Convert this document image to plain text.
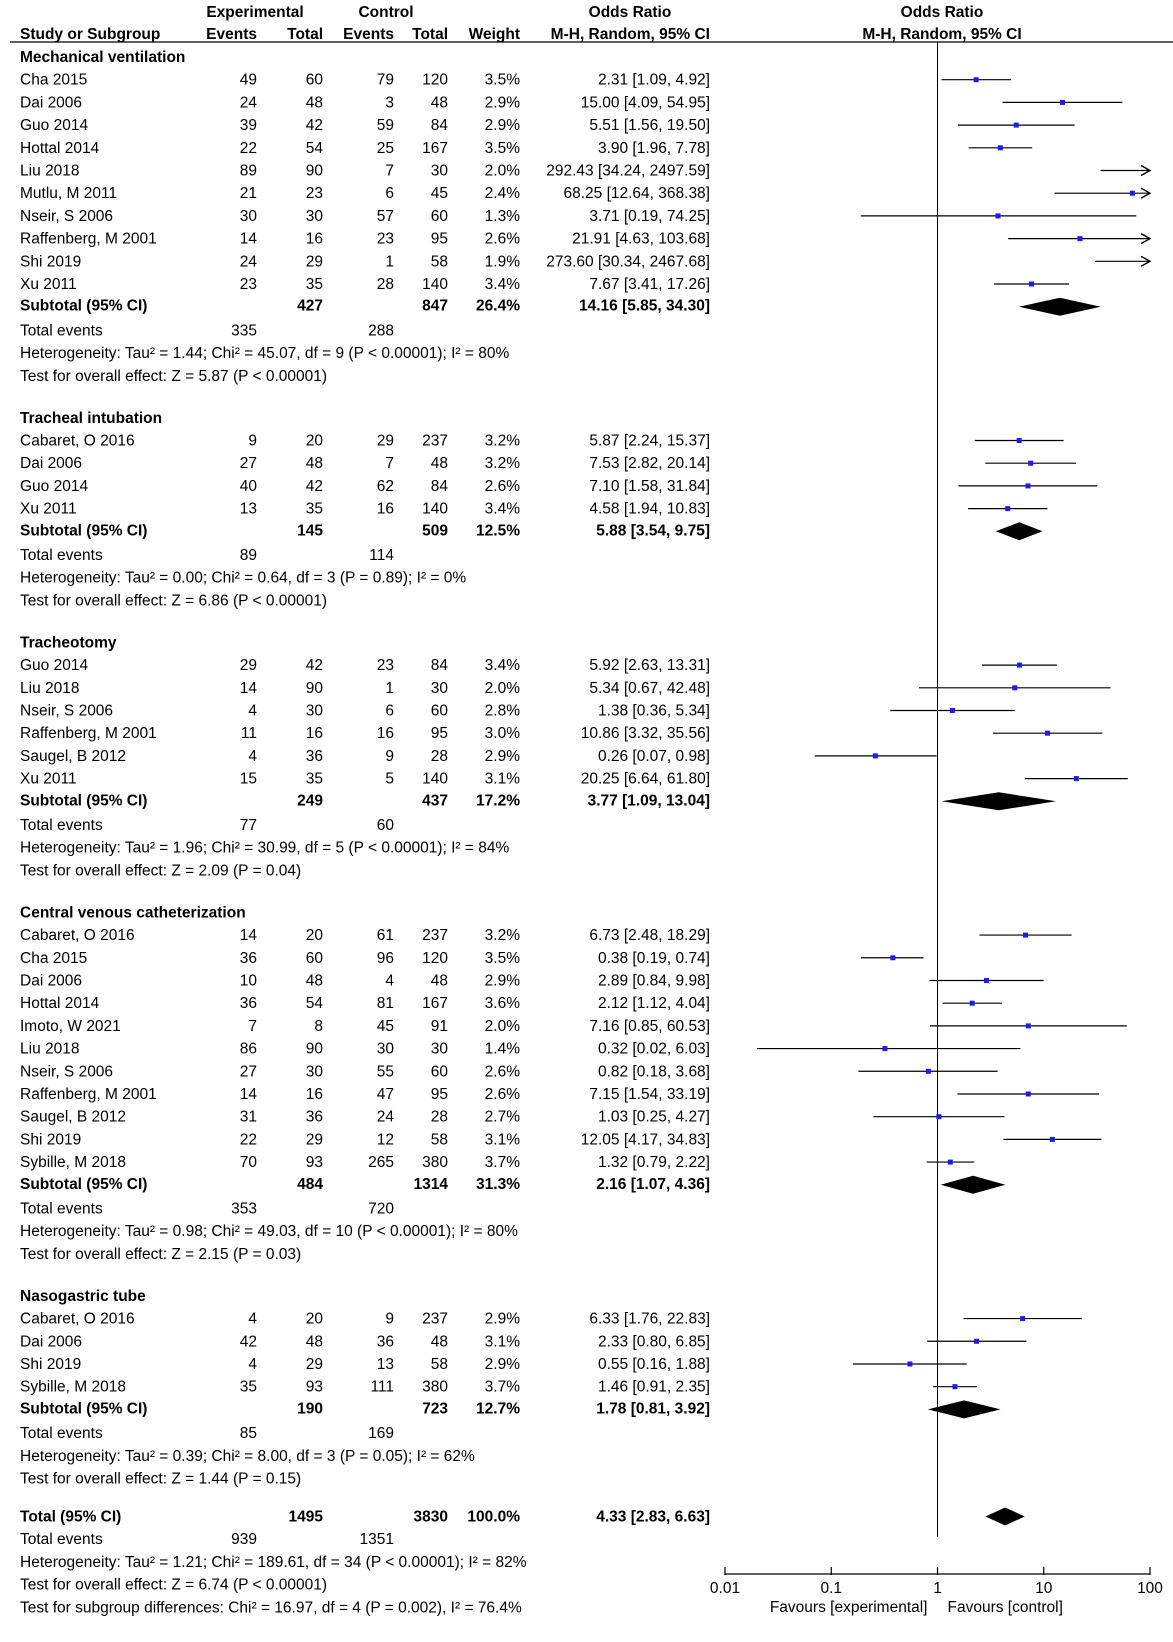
Experimental	Control	Odds Ratio	Odds Ratio
Study or Subgroup	Events Total Events Total Weight M-H, Random, 95% CI	M-H, Random, 95% CI
Mechanical ventilation
Cha 2015	49	60	79 120 3.5%	2.31 [1.09, 4.92]
Dai 2006	24	48	3 48 2.9%	15.00 [4.09, 54.95]
Guo 2014	39	42	59 84 2.9%	5.51 [1.56, 19.50]
Hottal 2014	22	54	25 167 3.5%	3.90 [1.96, 7.78]
Liu 2018	89	90	7 30 2.0% 292.43 [34.24, 2497.59]
Mutlu, M 2011	21	23	6 45 2.4%	68.25 [12.64, 368.38]
Nseir, S 2006	30	30	57 60 1.3%	3.71 [0.19, 74.25]
Raffenberg, M 2001	14	16	23 95 2.6%	21.91 [4.63, 103.68]
Shi 2019	24	29	1 58 1.9% 273.60 [30.34, 2467.68]
Xu 2011	23	35	28 140 3.4%	7.67 [3.41, 17.26]
Subtotal (95% CI)	427	847 26.4%	14.16 [5.85, 34.30]
Total events	335	288
Heterogeneity: Tau² = 1.44; Chi² = 45.07, df = 9 (P < 0.00001); I² = 80%
Test for overall effect: Z = 5.87 (P < 0.00001)
Tracheal intubation
Cabaret, O 2016	9	20	29 237 3.2%	5.87 [2.24, 15.37]
Dai 2006	27	48	7 48 3.2%	7.53 [2.82, 20.14]
Guo 2014	40	42	62 84 2.6%	7.10 [1.58, 31.84]
Xu 2011	13	35	16 140 3.4%	4.58 [1.94, 10.83]
Subtotal (95% CI)	145	509 12.5%	5.88 [3.54, 9.75]
Total events	89	114
Heterogeneity: Tau² = 0.00; Chi² = 0.64, df = 3 (P = 0.89); I² = 0%
Test for overall effect: Z = 6.86 (P < 0.00001)
Tracheotomy
Guo 2014	29	42	23 84 3.4%	5.92 [2.63, 13.31]
Liu 2018	14	90	1 30 2.0%	5.34 [0.67, 42.48]
Nseir, S 2006	4	30	6 60 2.8%	1.38 [0.36, 5.34]
Raffenberg, M 2001	11	16	16 95 3.0%	10.86 [3.32, 35.56]
Saugel, B 2012	4	36	9 28 2.9%	0.26 [0.07, 0.98]
Xu 2011	15	35	5 140 3.1%	20.25 [6.64, 61.80]
Subtotal (95% CI)	249	437 17.2%	3.77 [1.09, 13.04]
Total events	77	60
Heterogeneity: Tau² = 1.96; Chi² = 30.99, df = 5 (P < 0.00001); I² = 84%
Test for overall effect: Z = 2.09 (P = 0.04)
Central venous catheterization
Cabaret, O 2016	14	20	61 237 3.2%	6.73 [2.48, 18.29]
Cha 2015	36	60	96 120 3.5%	0.38 [0.19, 0.74]
Dai 2006	10	48	4 48 2.9%	2.89 [0.84, 9.98]
Hottal 2014	36	54	81 167 3.6%	2.12 [1.12, 4.04]
Imoto, W 2021	7	8	45 91 2.0%	7.16 [0.85, 60.53]
Liu 2018	86	90	30 30 1.4%	0.32 [0.02, 6.03]
Nseir, S 2006	27	30	55 60 2.6%	0.82 [0.18, 3.68]
Raffenberg, M 2001	14	16	47 95 2.6%	7.15 [1.54, 33.19]
Saugel, B 2012	31	36	24 28 2.7%	1.03 [0.25, 4.27]
Shi 2019	22	29	12 58 3.1%	12.05 [4.17, 34.83]
Sybille, M 2018	70	93	265 380 3.7%	1.32 [0.79, 2.22]
Subtotal (95% CI)	484	1314 31.3%	2.16 [1.07, 4.36]
Total events	353	720
Heterogeneity: Tau² = 0.98; Chi² = 49.03, df = 10 (P < 0.00001); I² = 80%
Test for overall effect: Z = 2.15 (P = 0.03)
Nasogastric tube
Cabaret, O 2016	4	20	9 237 2.9%	6.33 [1.76, 22.83]
Dai 2006	42	48	36 48 3.1%	2.33 [0.80, 6.85]
Shi 2019	4	29	13 58 2.9%	0.55 [0.16, 1.88]
Sybille, M 2018	35	93	111 380 3.7%	1.46 [0.91, 2.35]
Subtotal (95% CI)	190	723 12.7%	1.78 [0.81, 3.92]
Total events	85	169
Heterogeneity: Tau² = 0.39; Chi² = 8.00, df = 3 (P = 0.05); I² = 62%
Test for overall effect: Z = 1.44 (P = 0.15)
Total (95% CI)	1495	3830 100.0%	4.33 [2.83, 6.63]
Total events	939	1351
Heterogeneity: Tau² = 1.21; Chi² = 189.61, df = 34 (P < 0.00001); I² = 82%
Test for overall effect: Z = 6.74 (P < 0.00001)
Test for subgroup differences: Chi² = 16.97, df = 4 (P = 0.002), I² = 76.4%
0.01	0.1	1	10	100
Favours [experimental] Favours [control]
